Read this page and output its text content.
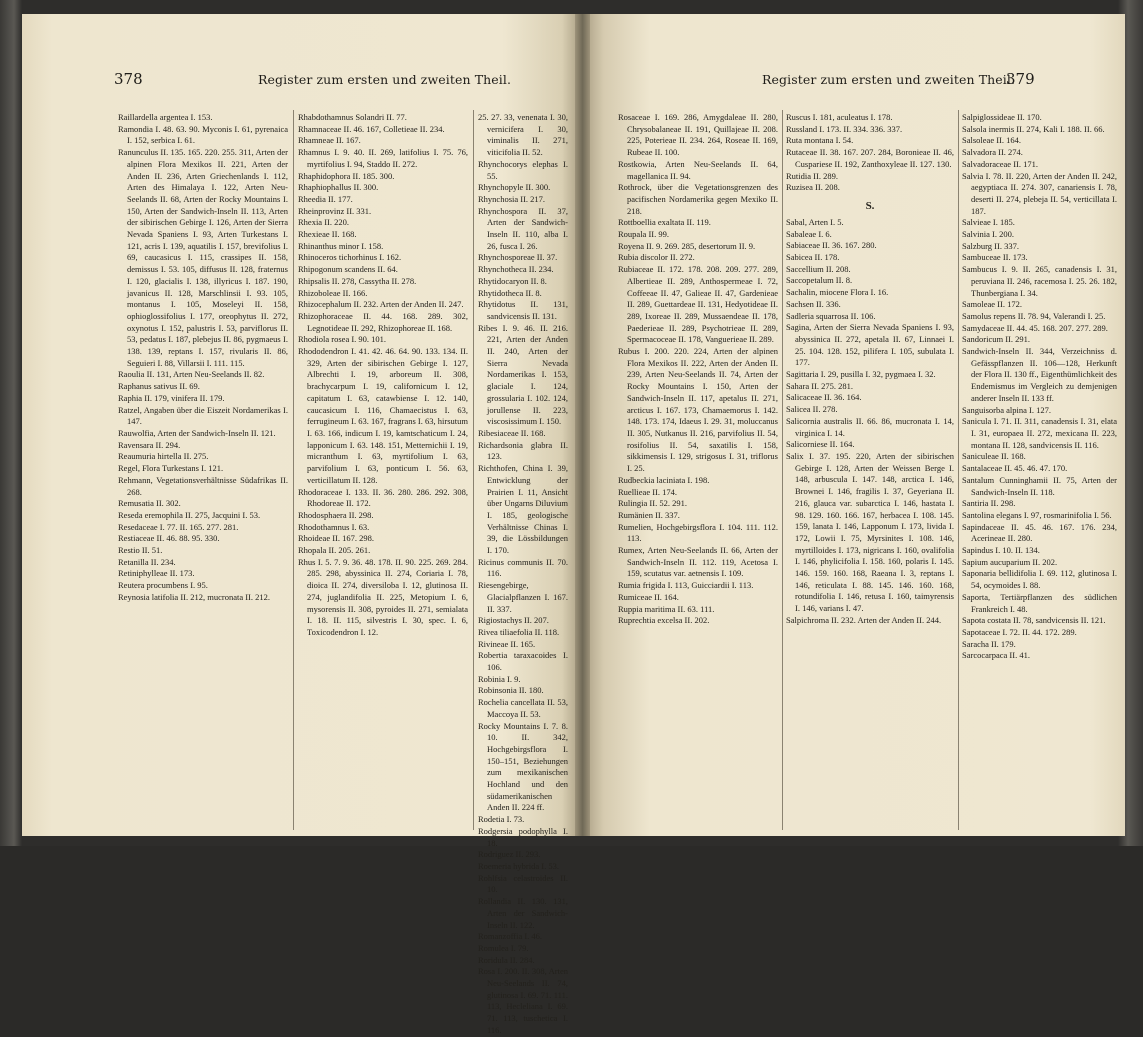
378	Register zum ersten und zweiten Theil.
Raillardella argentea I. 153.
Ramondia I. 48. 63. 90. Myconis I. 61, pyrenaica I. 152, serbica I. 61.
Ranunculus II. 135. 165. 220. 255. 311, Arten der alpinen Flora Mexikos II. 221, Arten der Anden II. 236, Arten Griechenlands I. 112, Arten des Himalaya I. 122, Arten Neu-Seelands II. 68, Arten der Rocky Mountains I. 150, Arten der Sandwich-Inseln II. 113, Arten der sibirischen Gebirge I. 126, Arten der Sierra Nevada Spaniens I. 93, Arten Turkestans I. 121, acris I. 139, aquatilis I. 157, brevifolius I. 69, caucasicus I. 115, crassipes II. 158, demissus I. 53. 105, diffusus II. 128, fraternus I. 120, glacialis I. 138, illyricus I. 187. 190, javanicus II. 128, Marschlinsii I. 93. 105, montanus I. 105, Moseleyi II. 158, ophioglossifolius I. 177, oreophytus II. 272, oxynotus I. 152, palustris I. 53, parviflorus II. 53, pedatus I. 187, plebejus II. 86, pygmaeus I. 138. 139, reptans I. 157, rivularis II. 86, Seguieri I. 88, Villarsii I. 111. 115.
Raoulia II. 131, Arten Neu-Seelands II. 82.
Raphanus sativus II. 69.
Raphia II. 179, vinifera II. 179.
Ratzel, Angaben über die Eiszeit Nordamerikas I. 147.
Rauwolfia, Arten der Sandwich-Inseln II. 121.
Ravensara II. 294.
Reaumuria hirtella II. 275.
Regel, Flora Turkestans I. 121.
Rehmann, Vegetationsverhältnisse Südafrikas II. 268.
Remusatia II. 302.
Reseda eremophila II. 275, Jacquini I. 53.
Resedaceae I. 77. II. 165. 277. 281.
Restiaceae II. 46. 88. 95. 330.
Restio II. 51.
Retanilla II. 234.
Retiniphylleae II. 173.
Reutera procumbens I. 95.
Reynosia latifolia II. 212, mucronata II. 212.
Rhabdothamnus Solandri II. 77.
Rhamnaceae II. 46. 167, Colletieae II. 234.
Rhamneae II. 167.
Rhamnus I. 9. 40. II. 269, latifolius I. 75. 76, myrtifolius I. 94, Staddo II. 272.
Rhaphidophora II. 185. 300.
Rhaphiophallus II. 300.
Rheedia II. 177.
Rheinprovinz II. 331.
Rhexia II. 220.
Rhexieae II. 168.
Rhinanthus minor I. 158.
Rhinoceros tichorhinus I. 162.
Rhipogonum scandens II. 64.
Rhipsalis II. 278, Cassytha II. 278.
Rhizoboleae II. 166.
Rhizocephalum II. 232. Arten der Anden II. 247.
Rhizophoraceae II. 44. 168. 289. 302, Legnotideae II. 292, Rhizophoreae II. 168.
Rhodiola rosea I. 90. 101.
Rhododendron I. 41. 42. 46. 64. 90. 133. 134. II. 329, Arten der sibirischen Gebirge I. 127, Albrechti I. 19, arboreum II. 308, brachycarpum I. 19, californicum I. 12, capitatum I. 63, catawbiense I. 12. 140, caucasicum I. 116, Chamaecistus I. 63, ferrugineum I. 63. 167, fragrans I. 63, hirsutum I. 63. 166, indicum I. 19, kamtschaticum I. 24, lapponicum I. 63. 148. 151, Metternichii I. 19, micranthum I. 63, myrtifolium I. 63, parvifolium I. 63, ponticum I. 56. 63, verticillatum II. 128.
Rhodoraceae I. 133. II. 36. 280. 286. 292. 308, Rhodoreae II. 172.
Rhodosphaera II. 298.
Rhodothamnus I. 63.
Rhoideae II. 167. 298.
Rhopala II. 205. 261.
Rhus I. 5. 7. 9. 36. 48. 178. II. 90. 225. 269. 284. 285. 298, abyssinica II. 274, Coriaria I. 78, dioica II. 274, diversiloba I. 12, glutinosa II. 274, juglandifolia II. 225, Metopium I. 6, mysorensis II. 308, pyroides II. 271, semialata I. 18. II. 115, silvestris I. 30, spec. I. 6, Toxicodendron I. 12.
25. 27. 33, venenata I. 30, vernicifera I. 30, viminalis II. 271, viticifolia II. 52.
Rhynchocorys elephas I. 55.
Rhynchopyle II. 300.
Rhynchosia II. 217.
Rhynchospora II. 37, Arten der Sandwich-Inseln II. 110, alba I. 26, fusca I. 26.
Rhynchosporeae II. 37.
Rhynchotheca II. 234.
Rhytidocaryon II. 8.
Rhytidotheca II. 8.
Rhytidotus II. 131, sandvicensis II. 131.
Ribes I. 9. 46. II. 216. 221, Arten der Anden II. 240, Arten der Sierra Nevada Nordamerikas I. 153, glaciale I. 124, grossularia I. 102. 124, jorullense II. 223, viscosissimum I. 150.
Ribesiaceae II. 168.
Richardsonia glabra II. 123.
Richthofen, China I. 39, Entwicklung der Prairien I. 11, Ansicht über Ungarns Diluvium I. 185, geologische Verhältnisse Chinas I. 39, die Lössbildungen I. 170.
Ricinus communis II. 70. 116.
Riesengebirge, Glacialpflanzen I. 167. II. 337.
Rigiostachys II. 207.
Rivea tiliaefolia II. 118.
Rivineae II. 165.
Robertia taraxacoides I. 106.
Robinia I. 9.
Robinsonia II. 180.
Rochelia cancellata II. 53, Maccoya II. 53.
Rocky Mountains I. 7. 8. 10. II. 342, Hochgebirgsflora I. 150–151, Beziehungen zum mexikanischen Hochland und den südamerikanischen Anden II. 224 ff.
Rodetia I. 73.
Rodgersia podophylla I. 18.
Rodriguez II. 293.
Roemeria hybrida I. 53.
Rohlfsia celastroides II. 10.
Rollandia II. 130. 131, Arten der Sandwich-Inseln II. 122.
Romanzoffia I. 46.
Romulea I. 79.
Roridula II. 284.
Rosa I. 200. II. 308, Arten Neu-Seelands II. 74, glutinosa I. 69. 71. 111. 113, Hecleliana I. 69. 71. 113, tuschetica I. 116.
379
Register zum ersten und zweiten Theil.
Rosaceae I. 169. 286, Amygdaleae II. 280, Chrysobalaneae II. 191, Quillajeae II. 208. 225, Poterieae II. 234. 264, Roseae II. 169, Rubeae II. 100.
Rostkowia, Arten Neu-Seelands II. 64, magellanica II. 94.
Rothrock, über die Vegetationsgrenzen des pacifischen Nordamerika gegen Mexiko II. 218.
Rottboellia exaltata II. 119.
Roupala II. 99.
Royena II. 9. 269. 285, desertorum II. 9.
Rubia discolor II. 272.
Rubiaceae II. 172. 178. 208. 209. 277. 289, Albertieae II. 289, Anthospermeae I. 72, Coffeeae II. 47, Galieae II. 47, Gardenieae II. 289, Guettardeae II. 131, Hedyotideae II. 289, Ixoreae II. 289, Mussaendeae II. 178, Paederieae II. 289, Psychotrieae II. 289, Spermacoceae II. 178, Vanguerieae II. 289.
Rubus I. 200. 220. 224, Arten der alpinen Flora Mexikos II. 222, Arten der Anden II. 239, Arten Neu-Seelands II. 74, Arten der Rocky Mountains I. 150, Arten der Sandwich-Inseln II. 117, apetalus II. 271, arcticus I. 167. 173, Chamaemorus I. 142. 148. 173. 174, Idaeus I. 29. 31, moluccanus II. 305, Nutkanus II. 216, parvifolius II. 54, rosifolius II. 54, saxatilis I. 158, sikkimensis I. 129, strigosus I. 31, triflorus I. 25.
Rudbeckia laciniata I. 198.
Ruellieae II. 174.
Rulingia II. 52. 291.
Rumänien II. 337.
Rumelien, Hochgebirgsflora I. 104. 111. 112. 113.
Rumex, Arten Neu-Seelands II. 66, Arten der Sandwich-Inseln II. 112. 119, Acetosa I. 159, scutatus var. aetnensis I. 109.
Rumia frigida I. 113, Guicciardii I. 113.
Rumiceae II. 164.
Ruppia maritima II. 63. 111.
Ruprechtia excelsa II. 202.
Ruscus I. 181, aculeatus I. 178.
Russland I. 173. II. 334. 336. 337.
Ruta montana I. 54.
Rutaceae II. 38. 167. 207. 284, Boronieae II. 46, Cuspariese II. 192, Zanthoxyleae II. 127. 130.
Rutidia II. 289.
Ruzisea II. 208.
S.
Sabal, Arten I. 5.
Sabaleae I. 6.
Sabiaceae II. 36. 167. 280.
Sabicea II. 178.
Saccellium II. 208.
Saccopetalum II. 8.
Sachalin, miocene Flora I. 16.
Sachsen II. 336.
Sadleria squarrosa II. 106.
Sagina, Arten der Sierra Nevada Spaniens I. 93, abyssinica II. 272, apetala II. 67, Linnaei I. 25. 104. 128. 152, pilifera I. 105, subulata I. 177.
Sagittaria I. 29, pusilla I. 32, pygmaea I. 32.
Sahara II. 275. 281.
Salicaceae II. 36. 164.
Salicea II. 278.
Salicornia australis II. 66. 86, mucronata I. 14, virginica I. 14.
Salicorniese II. 164.
Salix I. 37. 195. 220, Arten der sibirischen Gebirge I. 128, Arten der Weissen Berge I. 148, arbuscula I. 147. 148, arctica I. 146, Brownei I. 146, fragilis I. 37, Geyeriana II. 216, glauca var. subarctica I. 146, hastata I. 98. 129. 160. 166. 167, herbacea I. 108. 145. 159, lanata I. 146, Lapponum I. 173, livida I. 172, Lowii I. 75, Myrsinites I. 108. 146, myrtilloides I. 173, nigricans I. 160, ovalifolia I. 146, phylicifolia I. 158. 160, polaris I. 145. 146. 159. 160. 168, Raeana I. 3, reptans I. 146, reticulata I. 88. 145. 146. 160. 168, rotundifolia I. 146, retusa I. 160, taimyrensis I. 146, varians I. 47.
Salpichroma II. 232. Arten der Anden II. 244.
Salpiglossideae II. 170.
Salsola inermis II. 274, Kali I. 188. II. 66.
Salsoleae II. 164.
Salvadora II. 274.
Salvadoraceae II. 171.
Salvia I. 78. II. 220, Arten der Anden II. 242, aegyptiaca II. 274. 307, canariensis I. 78, deserti II. 274, plebeja II. 54, verticillata I. 187.
Salvieae I. 185.
Salvinia I. 200.
Salzburg II. 337.
Sambuceae II. 173.
Sambucus I. 9. II. 265, canadensis I. 31, peruviana II. 246, racemosa I. 25. 26. 182, Thunbergiana I. 34.
Samoleae II. 172.
Samolus repens II. 78. 94, Valerandi I. 25.
Samydaceae II. 44. 45. 168. 207. 277. 289.
Sandoricum II. 291.
Sandwich-Inseln II. 344, Verzeichniss d. Gefässpflanzen II. 106—128, Herkunft der Flora II. 130 ff., Eigenthümlichkeit des Endemismus im Vergleich zu demjenigen anderer Inseln II. 133 ff.
Sanguisorba alpina I. 127.
Sanicula I. 71. II. 311, canadensis I. 31, elata I. 31, europaea II. 272, mexicana II. 223, montana II. 128, sandvicensis II. 116.
Saniculeae II. 168.
Santalaceae II. 45. 46. 47. 170.
Santalum Cunninghamii II. 75, Arten der Sandwich-Inseln II. 118.
Santiria II. 298.
Santolina elegans I. 97, rosmarinifolia I. 56.
Sapindaceae II. 45. 46. 167. 176. 234, Acerineae II. 280.
Sapindus I. 10. II. 134.
Sapium aucuparium II. 202.
Saponaria bellidifolia I. 69. 112, glutinosa I. 54, ocymoides I. 88.
Saporta, Tertiärpflanzen des südlichen Frankreich I. 48.
Sapota costata II. 78, sandvicensis II. 121.
Sapotaceae I. 72. II. 44. 172. 289.
Saracha II. 179.
Sarcocarpaca II. 41.
